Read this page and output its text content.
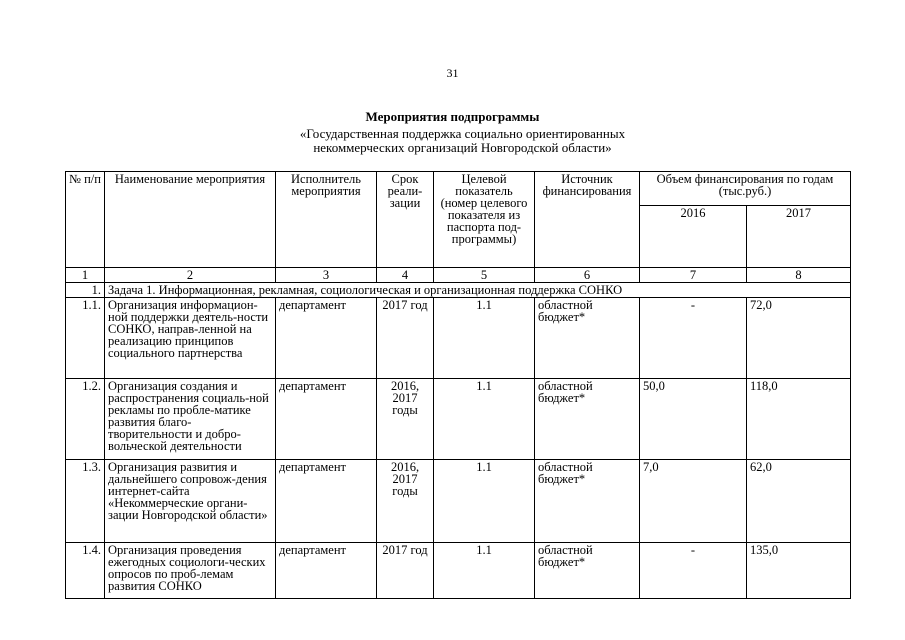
31
Мероприятия подпрограммы
«Государственная поддержка социально ориентированных некоммерческих организаций Новгородской области»
№ п/п	Наименование мероприятия	Исполнитель мероприятия	Срок реали-зации	Целевой показатель (номер целевого показателя из паспорта под-программы)	Источник финансирования	Объем финансирования по годам (тыс.руб.)	
						2016	2017
1	2	3	4	5	6	7	8
1.	Задача 1. Информационная, рекламная, социологическая и организационная поддержка СОНКО						
1.1.	Организация информацион-ной поддержки деятель-ности СОНКО, направ-ленной на реализацию принципов социального партнерства	департамент	2017 год	1.1	областной бюджет*	-	72,0
1.2.	Организация создания и распространения социаль-ной рекламы по пробле-матике развития благо-творительности и добро-вольческой деятельности	департамент	2016, 2017 годы	1.1	областной бюджет*	50,0	118,0
1.3.	Организация развития и дальнейшего сопровож-дения интернет-сайта «Некоммерческие органи-зации Новгородской области»	департамент	2016, 2017 годы	1.1	областной бюджет*	7,0	62,0
1.4.	Организация проведения ежегодных социологи-ческих опросов по проб-лемам развития СОНКО	департамент	2017 год	1.1	областной бюджет*	-	135,0
